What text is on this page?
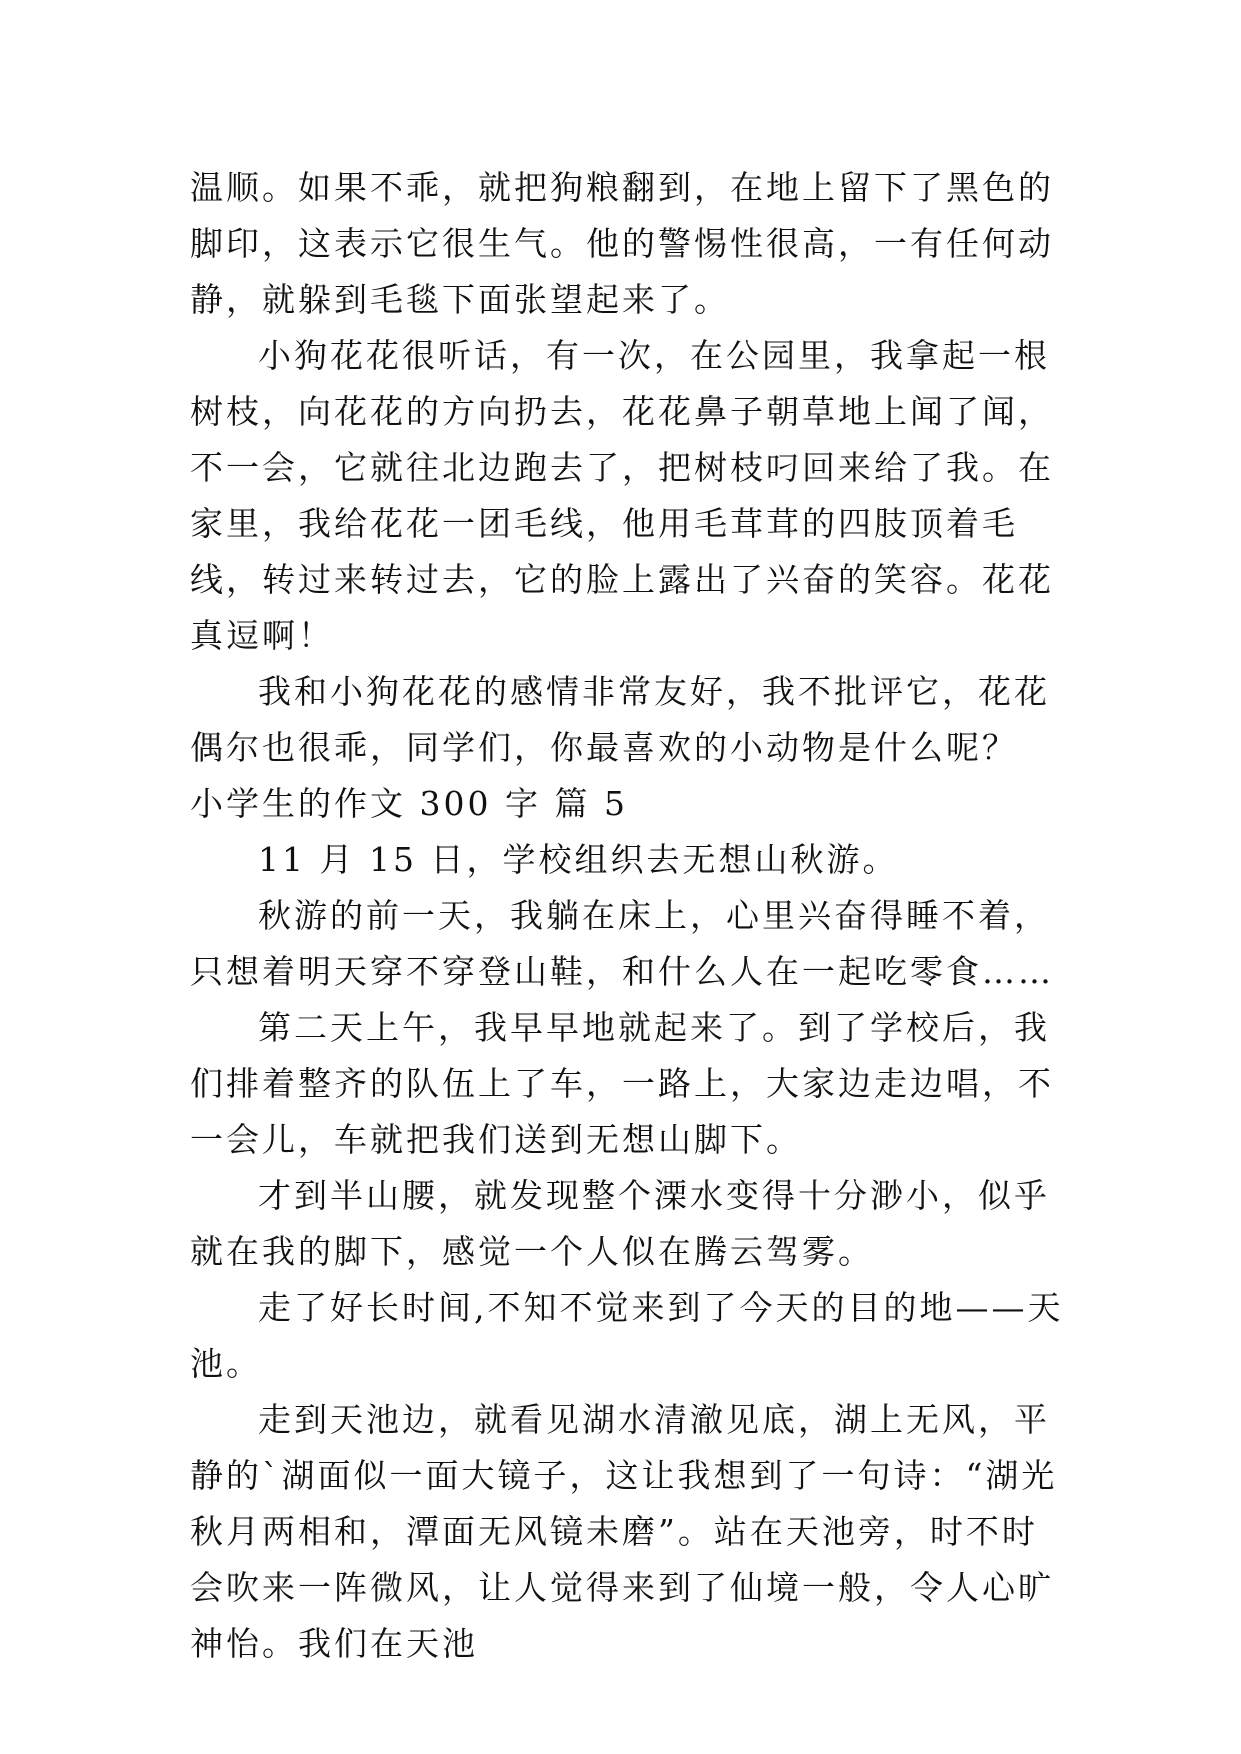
温顺。如果不乖，就把狗粮翻到，在地上留下了黑色的脚印，这表示它很生气。他的警惕性很高，一有任何动静，就躲到毛毯下面张望起来了。

小狗花花很听话，有一次，在公园里，我拿起一根树枝，向花花的方向扔去，花花鼻子朝草地上闻了闻，不一会，它就往北边跑去了，把树枝叼回来给了我。在家里，我给花花一团毛线，他用毛茸茸的四肢顶着毛线，转过来转过去，它的脸上露出了兴奋的笑容。花花真逗啊！

我和小狗花花的感情非常友好，我不批评它，花花偶尔也很乖，同学们，你最喜欢的小动物是什么呢？

小学生的作文 300 字 篇 5

11 月 15 日，学校组织去无想山秋游。

秋游的前一天，我躺在床上，心里兴奋得睡不着，只想着明天穿不穿登山鞋，和什么人在一起吃零食……

第二天上午，我早早地就起来了。到了学校后，我们排着整齐的队伍上了车，一路上，大家边走边唱，不一会儿，车就把我们送到无想山脚下。

才到半山腰，就发现整个溧水变得十分渺小，似乎就在我的脚下，感觉一个人似在腾云驾雾。

走了好长时间,不知不觉来到了今天的目的地——天池。

走到天池边，就看见湖水清澈见底，湖上无风，平静的`湖面似一面大镜子，这让我想到了一句诗：“湖光秋月两相和，潭面无风镜未磨”。站在天池旁，时不时会吹来一阵微风，让人觉得来到了仙境一般，令人心旷神怡。我们在天池
